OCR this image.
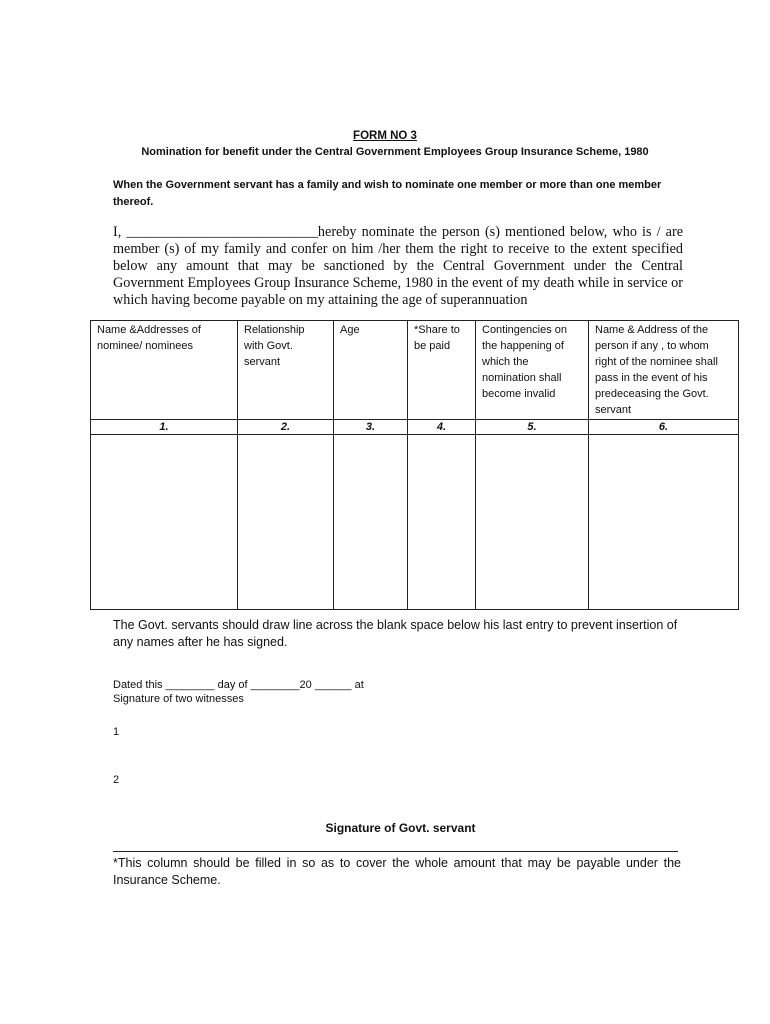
FORM NO 3
Nomination for benefit under the Central Government Employees Group Insurance Scheme, 1980
When the Government servant has a family and wish to nominate one member or more than one member thereof.
I, ___________________________hereby nominate the person (s) mentioned below, who is / are member (s) of my family and confer on him /her them the right to receive to the extent specified below any amount that may be sanctioned by the Central Government under the Central Government Employees Group Insurance Scheme, 1980 in the event of my death while in service or which having become payable on my attaining the age of superannuation
Name &Addresses of nominee/ nominees	Relationship with Govt. servant	Age	*Share to be paid	Contingencies on the happening of which the nomination shall become invalid	Name & Address of the person if any , to whom right of the nominee shall pass in the event of his predeceasing the Govt. servant

1.	2.	3.	4.	5.	6.

The Govt. servants should draw line across the blank space below his last entry to prevent insertion of any names after he has signed.
Dated this ________ day of ________20 ______ at
Signature of two witnesses
1
2
Signature of Govt. servant
*This column should be filled in so as to cover the whole amount that may be payable under the Insurance Scheme.
